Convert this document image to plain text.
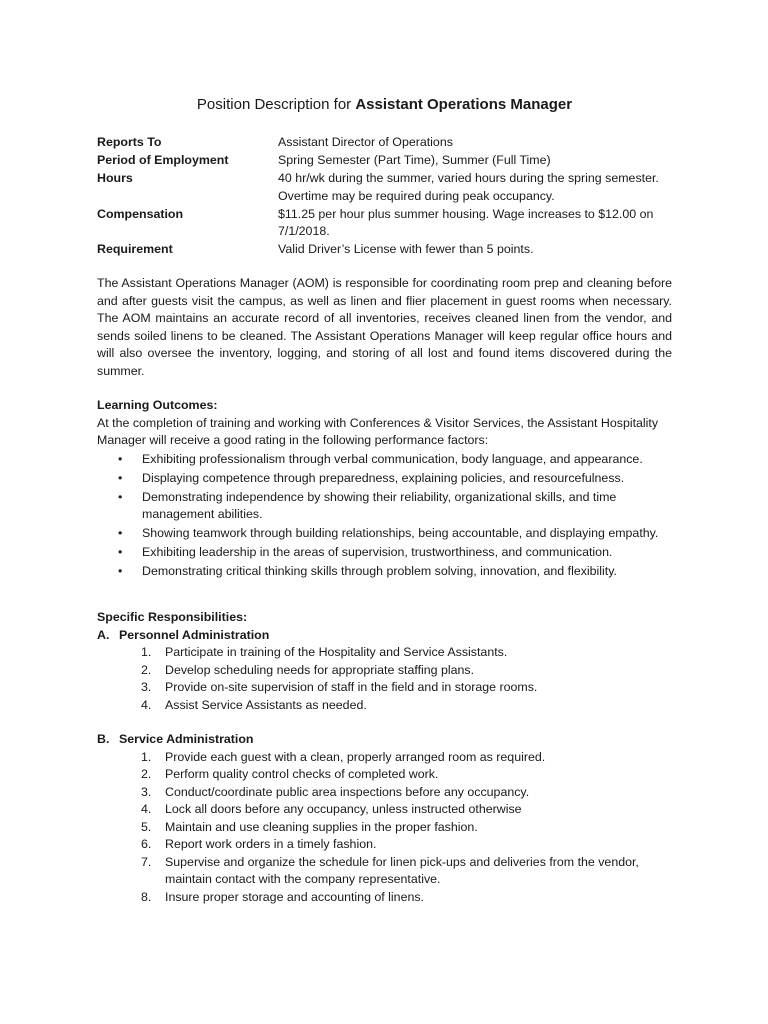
Position Description for Assistant Operations Manager
Reports To	Assistant Director of Operations
Period of Employment	Spring Semester (Part Time), Summer (Full Time)
Hours	40 hr/wk during the summer, varied hours during the spring semester. Overtime may be required during peak occupancy.
Compensation	$11.25 per hour plus summer housing. Wage increases to $12.00 on 7/1/2018.
Requirement	Valid Driver’s License with fewer than 5 points.

The Assistant Operations Manager (AOM) is responsible for coordinating room prep and cleaning before and after guests visit the campus, as well as linen and flier placement in guest rooms when necessary. The AOM maintains an accurate record of all inventories, receives cleaned linen from the vendor, and sends soiled linens to be cleaned. The Assistant Operations Manager will keep regular office hours and will also oversee the inventory, logging, and storing of all lost and found items discovered during the summer.

Learning Outcomes:
At the completion of training and working with Conferences & Visitor Services, the Assistant Hospitality Manager will receive a good rating in the following performance factors:
• Exhibiting professionalism through verbal communication, body language, and appearance.
• Displaying competence through preparedness, explaining policies, and resourcefulness.
• Demonstrating independence by showing their reliability, organizational skills, and time management abilities.
• Showing teamwork through building relationships, being accountable, and displaying empathy.
• Exhibiting leadership in the areas of supervision, trustworthiness, and communication.
• Demonstrating critical thinking skills through problem solving, innovation, and flexibility.
Specific Responsibilities:
A. Personnel Administration
1. Participate in training of the Hospitality and Service Assistants.
2. Develop scheduling needs for appropriate staffing plans.
3. Provide on-site supervision of staff in the field and in storage rooms.
4. Assist Service Assistants as needed.
B. Service Administration
1. Provide each guest with a clean, properly arranged room as required.
2. Perform quality control checks of completed work.
3. Conduct/coordinate public area inspections before any occupancy.
4. Lock all doors before any occupancy, unless instructed otherwise
5. Maintain and use cleaning supplies in the proper fashion.
6. Report work orders in a timely fashion.
7. Supervise and organize the schedule for linen pick-ups and deliveries from the vendor, maintain contact with the company representative.
8. Insure proper storage and accounting of linens.
